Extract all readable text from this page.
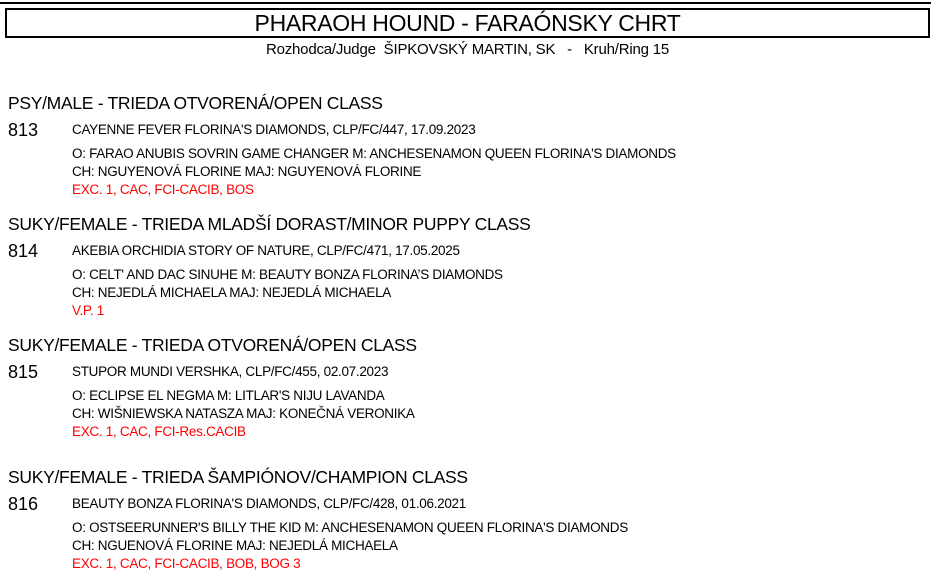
PHARAOH HOUND - FARAÓNSKY CHRT
Rozhodca/Judge  ŠIPKOVSKÝ MARTIN, SK   -   Kruh/Ring 15
PSY/MALE - TRIEDA OTVORENÁ/OPEN CLASS
813	CAYENNE FEVER FLORINA'S DIAMONDS, CLP/FC/447, 17.09.2023
O: FARAO ANUBIS SOVRIN GAME CHANGER M: ANCHESENAMON QUEEN FLORINA'S DIAMONDS
CH: NGUYENOVÁ FLORINE MAJ: NGUYENOVÁ FLORINE
EXC. 1, CAC, FCI-CACIB, BOS
SUKY/FEMALE - TRIEDA MLADŠÍ DORAST/MINOR PUPPY CLASS
814	AKEBIA ORCHIDIA STORY OF NATURE, CLP/FC/471, 17.05.2025
O: CELT' AND DAC SINUHE M: BEAUTY BONZA FLORINA’S DIAMONDS
CH: NEJEDLÁ MICHAELA MAJ: NEJEDLÁ MICHAELA
V.P. 1
SUKY/FEMALE - TRIEDA OTVORENÁ/OPEN CLASS
815	STUPOR MUNDI VERSHKA, CLP/FC/455, 02.07.2023
O: ECLIPSE EL NEGMA M: LITLAR'S NIJU LAVANDA
CH: WIŠNIEWSKA NATASZA MAJ: KONEČNÁ VERONIKA
EXC. 1, CAC, FCI-Res.CACIB
SUKY/FEMALE - TRIEDA ŠAMPIÓNOV/CHAMPION CLASS
816	BEAUTY BONZA FLORINA'S DIAMONDS, CLP/FC/428, 01.06.2021
O: OSTSEERUNNER'S BILLY THE KID M: ANCHESENAMON QUEEN FLORINA'S DIAMONDS
CH: NGUENOVÁ FLORINE MAJ: NEJEDLÁ MICHAELA
EXC. 1, CAC, FCI-CACIB, BOB, BOG 3
